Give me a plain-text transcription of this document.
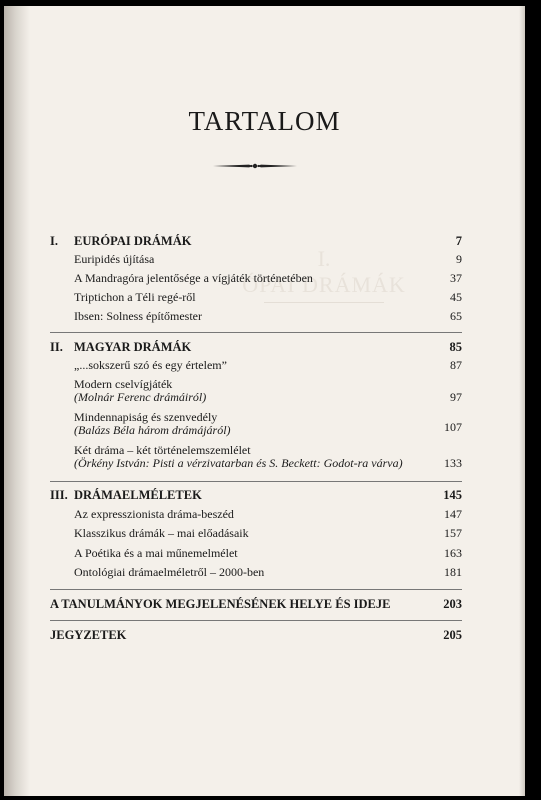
I.
ÓPAI DRÁMÁK
TARTALOM
I. EURÓPAI DRÁMÁK	7
Euripidés újítása	9
A Mandragóra jelentősége a vígjáték történetében	37
Triptichon a Téli regé-ről	45
Ibsen: Solness építőmester	65
II. MAGYAR DRÁMÁK	85
„...sokszerű szó és egy értelem”	87
Modern cselvígjáték
(Molnár Ferenc drámáiról)	97
Mindennapiság és szenvedély
(Balázs Béla három drámájáról)	107
Két dráma – két történelemszemlélet
(Örkény István: Pisti a vérzivatarban és S. Beckett: Godot-ra várva)	133
III. DRÁMAELMÉLETEK	145
Az expresszionista dráma-beszéd	147
Klasszikus drámák – mai előadásaik	157
A Poétika és a mai műnemelmélet	163
Ontológiai drámaelméletről – 2000-ben	181
A TANULMÁNYOK MEGJELENÉSÉNEK HELYE ÉS IDEJE	203
JEGYZETEK	205
